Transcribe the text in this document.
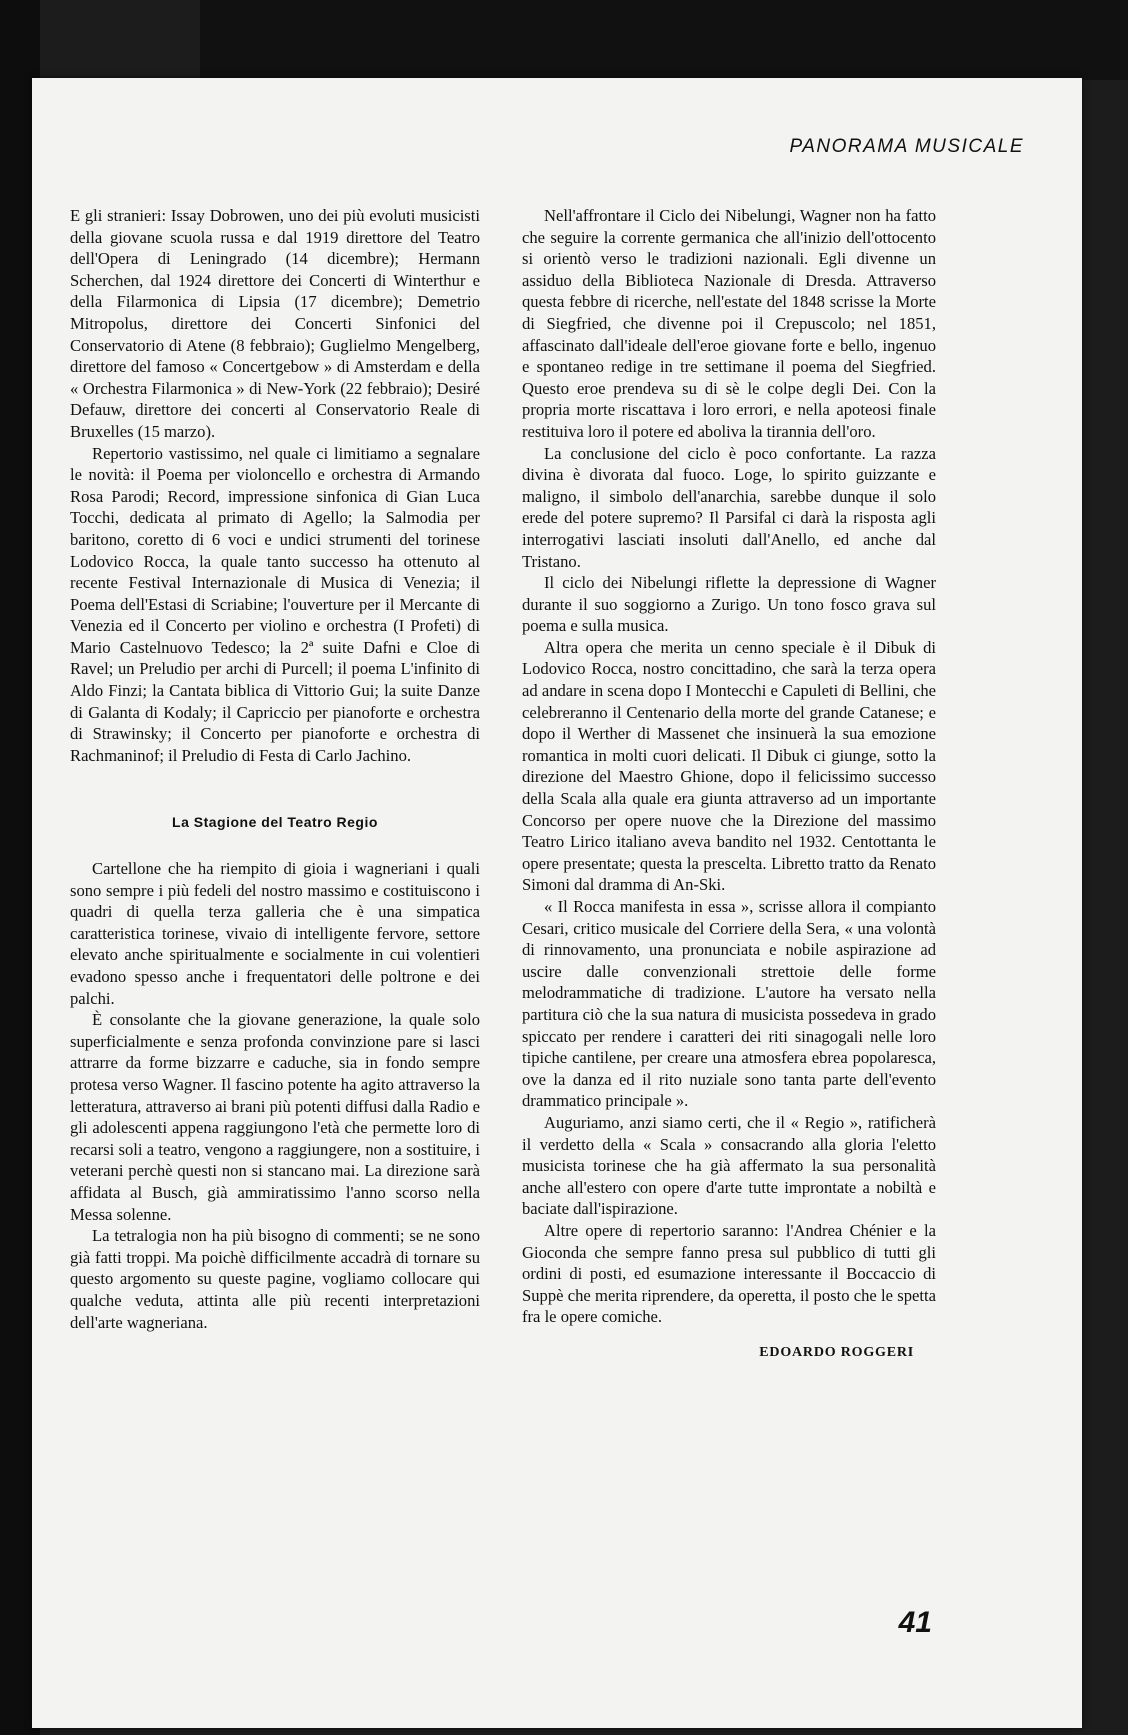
PANORAMA MUSICALE

E gli stranieri: Issay Dobrowen, uno dei più evoluti musicisti della giovane scuola russa e dal 1919 direttore del Teatro dell'Opera di Leningrado (14 dicembre); Hermann Scherchen, dal 1924 direttore dei Concerti di Winterthur e della Filarmonica di Lipsia (17 dicembre); Demetrio Mitropolus, direttore dei Concerti Sinfonici del Conservatorio di Atene (8 febbraio); Guglielmo Mengelberg, direttore del famoso « Concertgebow » di Amsterdam e della « Orchestra Filarmonica » di New-York (22 febbraio); Desiré Defauw, direttore dei concerti al Conservatorio Reale di Bruxelles (15 marzo).

Repertorio vastissimo, nel quale ci limitiamo a segnalare le novità: il Poema per violoncello e orchestra di Armando Rosa Parodi; Record, impressione sinfonica di Gian Luca Tocchi, dedicata al primato di Agello; la Salmodia per baritono, coretto di 6 voci e undici strumenti del torinese Lodovico Rocca, la quale tanto successo ha ottenuto al recente Festival Internazionale di Musica di Venezia; il Poema dell'Estasi di Scriabine; l'ouverture per il Mercante di Venezia ed il Concerto per violino e orchestra (I Profeti) di Mario Castelnuovo Tedesco; la 2ª suite Dafni e Cloe di Ravel; un Preludio per archi di Purcell; il poema L'infinito di Aldo Finzi; la Cantata biblica di Vittorio Gui; la suite Danze di Galanta di Kodaly; il Capriccio per pianoforte e orchestra di Strawinsky; il Concerto per pianoforte e orchestra di Rachmaninof; il Preludio di Festa di Carlo Jachino.

La Stagione del Teatro Regio

Cartellone che ha riempito di gioia i wagneriani i quali sono sempre i più fedeli del nostro massimo e costituiscono i quadri di quella terza galleria che è una simpatica caratteristica torinese, vivaio di intelligente fervore, settore elevato anche spiritualmente e socialmente in cui volentieri evadono spesso anche i frequentatori delle poltrone e dei palchi.

È consolante che la giovane generazione, la quale solo superficialmente e senza profonda convinzione pare si lasci attrarre da forme bizzarre e caduche, sia in fondo sempre protesa verso Wagner. Il fascino potente ha agito attraverso la letteratura, attraverso ai brani più potenti diffusi dalla Radio e gli adolescenti appena raggiungono l'età che permette loro di recarsi soli a teatro, vengono a raggiungere, non a sostituire, i veterani perchè questi non si stancano mai. La direzione sarà affidata al Busch, già ammiratissimo l'anno scorso nella Messa solenne.

La tetralogia non ha più bisogno di commenti; se ne sono già fatti troppi. Ma poichè difficilmente accadrà di tornare su questo argomento su queste pagine, vogliamo collocare qui qualche veduta, attinta alle più recenti interpretazioni dell'arte wagneriana.

Nell'affrontare il Ciclo dei Nibelungi, Wagner non ha fatto che seguire la corrente germanica che all'inizio dell'ottocento si orientò verso le tradizioni nazionali. Egli divenne un assiduo della Biblioteca Nazionale di Dresda. Attraverso questa febbre di ricerche, nell'estate del 1848 scrisse la Morte di Siegfried, che divenne poi il Crepuscolo; nel 1851, affascinato dall'ideale dell'eroe giovane forte e bello, ingenuo e spontaneo redige in tre settimane il poema del Siegfried. Questo eroe prendeva su di sè le colpe degli Dei. Con la propria morte riscattava i loro errori, e nella apoteosi finale restituiva loro il potere ed aboliva la tirannia dell'oro.

La conclusione del ciclo è poco confortante. La razza divina è divorata dal fuoco. Loge, lo spirito guizzante e maligno, il simbolo dell'anarchia, sarebbe dunque il solo erede del potere supremo? Il Parsifal ci darà la risposta agli interrogativi lasciati insoluti dall'Anello, ed anche dal Tristano.

Il ciclo dei Nibelungi riflette la depressione di Wagner durante il suo soggiorno a Zurigo. Un tono fosco grava sul poema e sulla musica.

Altra opera che merita un cenno speciale è il Dibuk di Lodovico Rocca, nostro concittadino, che sarà la terza opera ad andare in scena dopo I Montecchi e Capuleti di Bellini, che celebreranno il Centenario della morte del grande Catanese; e dopo il Werther di Massenet che insinuerà la sua emozione romantica in molti cuori delicati. Il Dibuk ci giunge, sotto la direzione del Maestro Ghione, dopo il felicissimo successo della Scala alla quale era giunta attraverso ad un importante Concorso per opere nuove che la Direzione del massimo Teatro Lirico italiano aveva bandito nel 1932. Centottanta le opere presentate; questa la prescelta. Libretto tratto da Renato Simoni dal dramma di An-Ski.

« Il Rocca manifesta in essa », scrisse allora il compianto Cesari, critico musicale del Corriere della Sera, « una volontà di rinnovamento, una pronunciata e nobile aspirazione ad uscire dalle convenzionali strettoie delle forme melodrammatiche di tradizione. L'autore ha versato nella partitura ciò che la sua natura di musicista possedeva in grado spiccato per rendere i caratteri dei riti sinagogali nelle loro tipiche cantilene, per creare una atmosfera ebrea popolaresca, ove la danza ed il rito nuziale sono tanta parte dell'evento drammatico principale ».

Auguriamo, anzi siamo certi, che il « Regio », ratificherà il verdetto della « Scala » consacrando alla gloria l'eletto musicista torinese che ha già affermato la sua personalità anche all'estero con opere d'arte tutte improntate a nobiltà e baciate dall'ispirazione.

Altre opere di repertorio saranno: l'Andrea Chénier e la Gioconda che sempre fanno presa sul pubblico di tutti gli ordini di posti, ed esumazione interessante il Boccaccio di Suppè che merita riprendere, da operetta, il posto che le spetta fra le opere comiche.

EDOARDO ROGGERI

41
